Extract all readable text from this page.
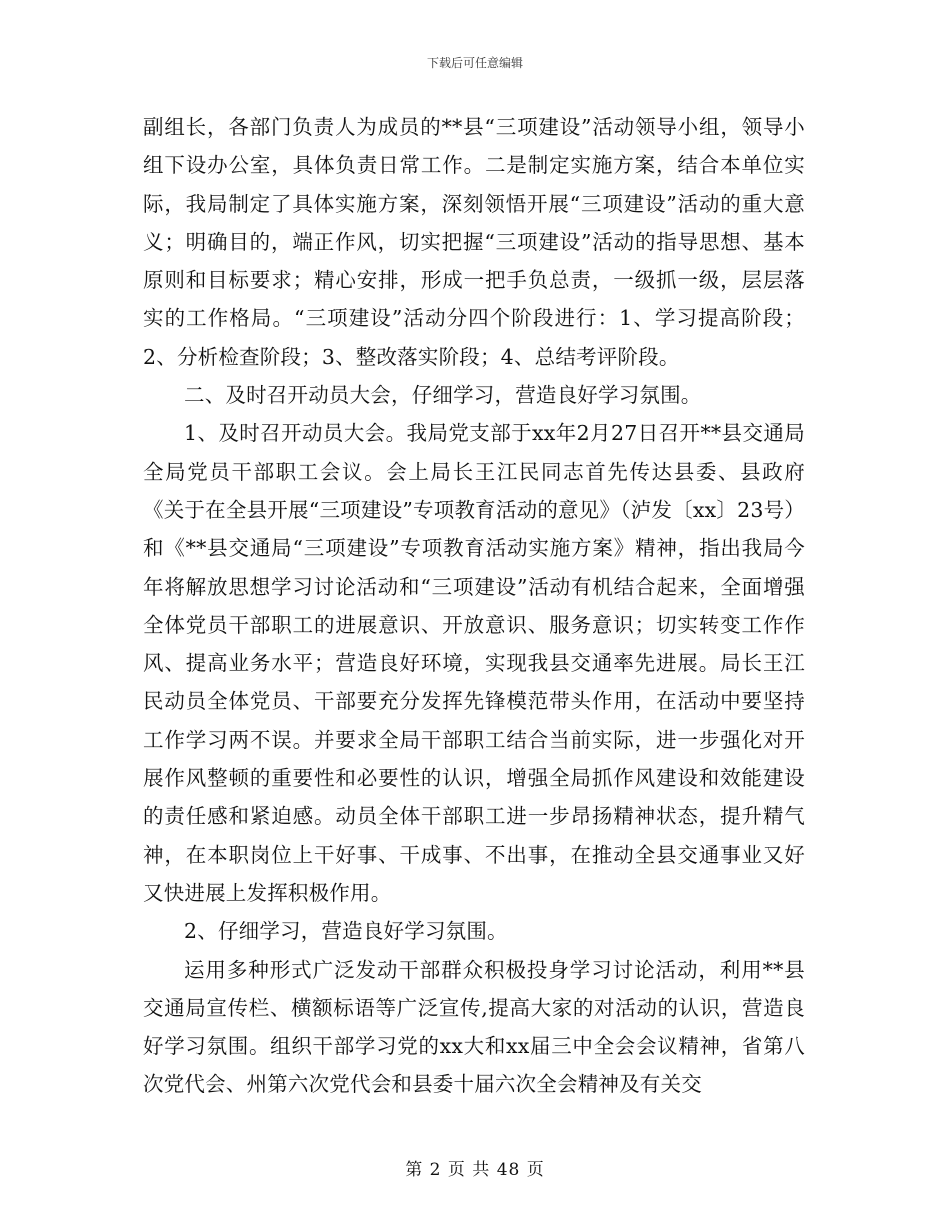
下载后可任意编辑

副组长，各部门负责人为成员的**县“三项建设”活动领导小组，领导小组下设办公室，具体负责日常工作。二是制定实施方案，结合本单位实际，我局制定了具体实施方案，深刻领悟开展“三项建设”活动的重大意义；明确目的，端正作风，切实把握“三项建设”活动的指导思想、基本原则和目标要求；精心安排，形成一把手负总责，一级抓一级，层层落实的工作格局。“三项建设”活动分四个阶段进行：1、学习提高阶段；2、分析检查阶段；3、整改落实阶段；4、总结考评阶段。

二、及时召开动员大会，仔细学习，营造良好学习氛围。

1、及时召开动员大会。我局党支部于xx年2月27日召开**县交通局全局党员干部职工会议。会上局长王江民同志首先传达县委、县政府《关于在全县开展“三项建设”专项教育活动的意见》（泸发〔xx〕23号）和《**县交通局“三项建设”专项教育活动实施方案》精神，指出我局今年将解放思想学习讨论活动和“三项建设”活动有机结合起来，全面增强全体党员干部职工的进展意识、开放意识、服务意识；切实转变工作作风、提高业务水平；营造良好环境，实现我县交通率先进展。局长王江民动员全体党员、干部要充分发挥先锋模范带头作用，在活动中要坚持工作学习两不误。并要求全局干部职工结合当前实际，进一步强化对开展作风整顿的重要性和必要性的认识，增强全局抓作风建设和效能建设的责任感和紧迫感。动员全体干部职工进一步昂扬精神状态，提升精气神，在本职岗位上干好事、干成事、不出事，在推动全县交通事业又好又快进展上发挥积极作用。

2、仔细学习，营造良好学习氛围。

运用多种形式广泛发动干部群众积极投身学习讨论活动，利用**县交通局宣传栏、横额标语等广泛宣传,提高大家的对活动的认识，营造良好学习氛围。组织干部学习党的xx大和xx届三中全会会议精神，省第八次党代会、州第六次党代会和县委十届六次全会精神及有关交

第 2 页 共 48 页
